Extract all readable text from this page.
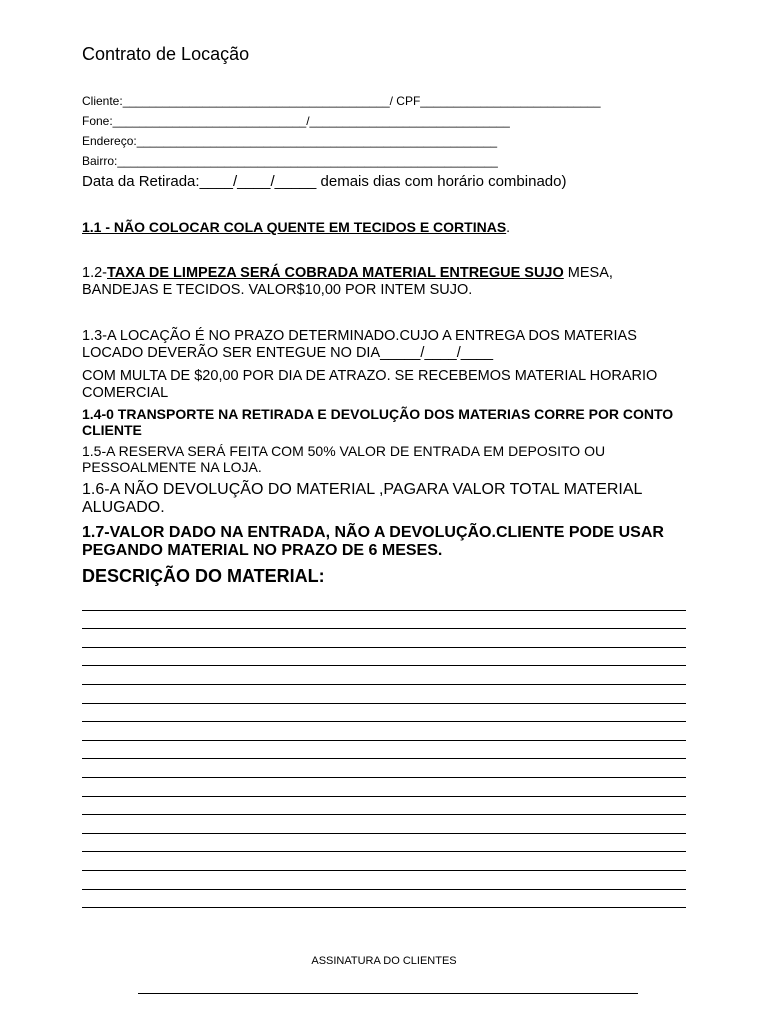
Contrato de Locação
Cliente:________________________________________/ CPF___________________________
Fone:_____________________________/______________________________
Endereço:______________________________________________________
Bairro:_________________________________________________________
Data da Retirada:____/____/_____ demais dias com horário combinado)
1.1 - NÃO COLOCAR COLA QUENTE EM TECIDOS E CORTINAS.
1.2-TAXA DE LIMPEZA SERÁ COBRADA MATERIAL ENTREGUE SUJO MESA, BANDEJAS E TECIDOS. VALOR$10,00 POR INTEM SUJO.
1.3-A LOCAÇÃO É NO PRAZO DETERMINADO.CUJO A ENTREGA DOS MATERIAS LOCADO DEVERÃO SER ENTEGUE NO DIA_____/____/____
COM MULTA DE $20,00 POR DIA DE ATRAZO. SE RECEBEMOS MATERIAL HORARIO COMERCIAL
1.4-0 TRANSPORTE NA RETIRADA E DEVOLUÇÃO DOS MATERIAS CORRE POR CONTO CLIENTE
1.5-A RESERVA SERÁ FEITA COM 50% VALOR DE ENTRADA EM DEPOSITO OU PESSOALMENTE NA LOJA.
1.6-A NÃO DEVOLUÇÃO DO MATERIAL ,PAGARA VALOR TOTAL MATERIAL ALUGADO.
1.7-VALOR DADO NA ENTRADA, NÃO A DEVOLUÇÃO.CLIENTE PODE USAR PEGANDO MATERIAL NO PRAZO DE 6 MESES.
DESCRIÇÃO DO MATERIAL:
ASSINATURA DO CLIENTES
